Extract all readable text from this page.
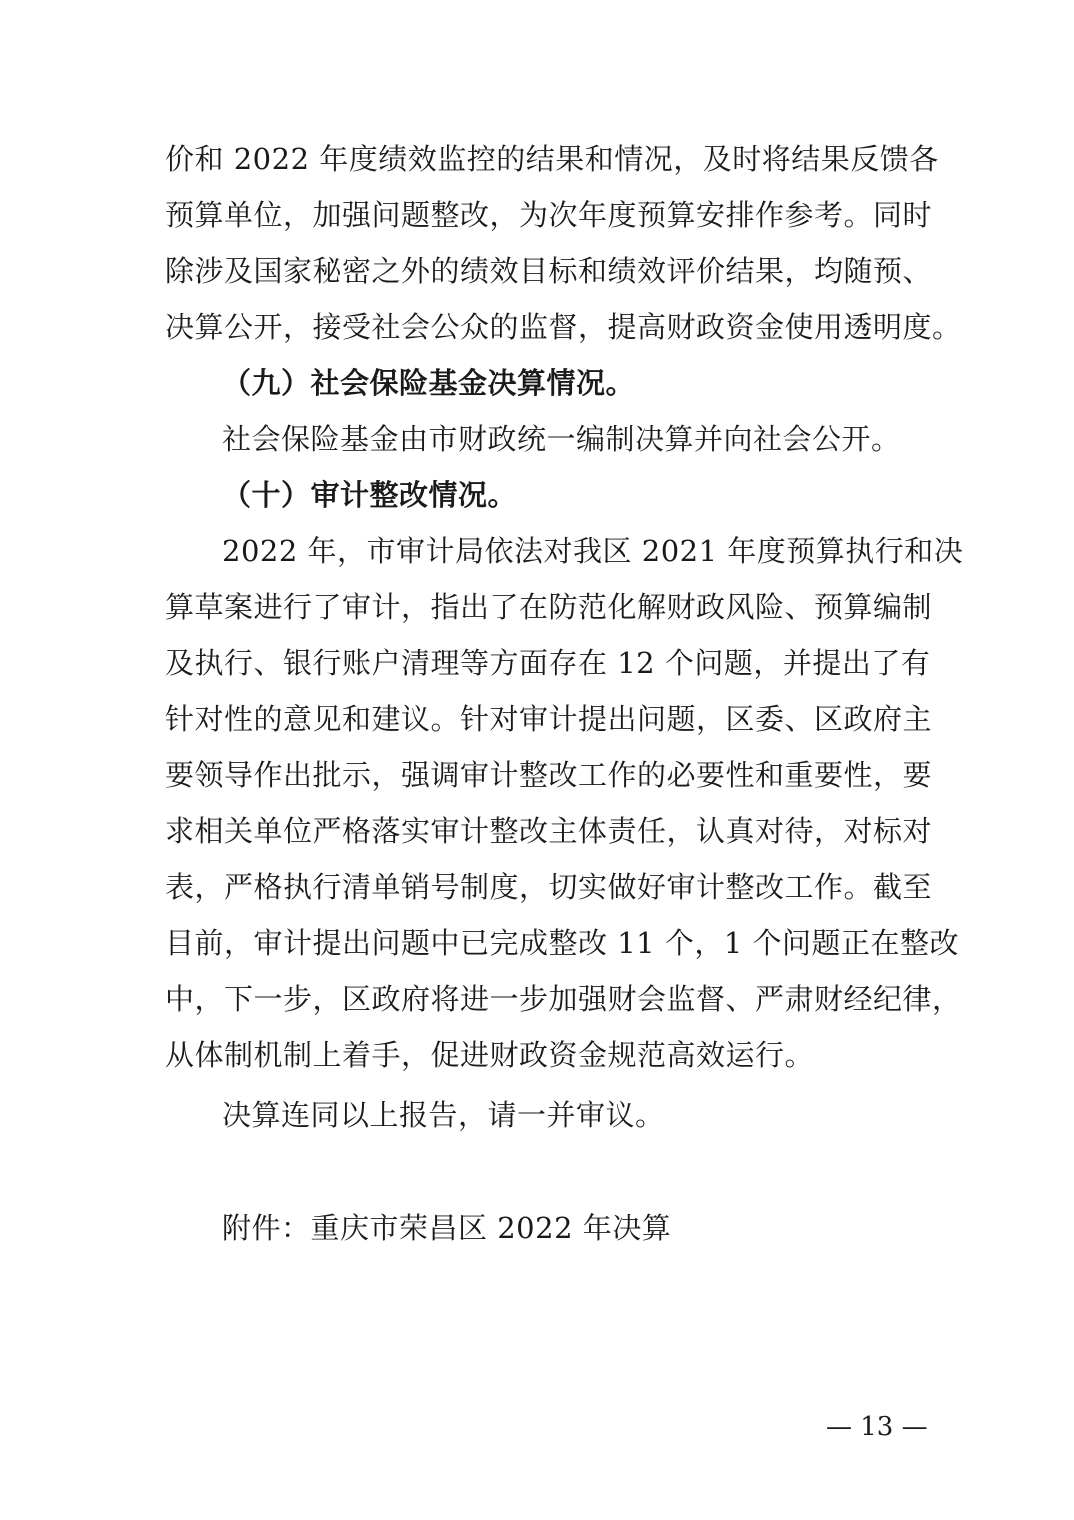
价和 2022 年度绩效监控的结果和情况，及时将结果反馈各
预算单位，加强问题整改，为次年度预算安排作参考。同时
除涉及国家秘密之外的绩效目标和绩效评价结果，均随预、
决算公开，接受社会公众的监督，提高财政资金使用透明度。
（九）社会保险基金决算情况。
社会保险基金由市财政统一编制决算并向社会公开。
（十）审计整改情况。
2022 年，市审计局依法对我区 2021 年度预算执行和决
算草案进行了审计，指出了在防范化解财政风险、预算编制
及执行、银行账户清理等方面存在 12 个问题，并提出了有
针对性的意见和建议。针对审计提出问题，区委、区政府主
要领导作出批示，强调审计整改工作的必要性和重要性，要
求相关单位严格落实审计整改主体责任，认真对待，对标对
表，严格执行清单销号制度，切实做好审计整改工作。截至
目前，审计提出问题中已完成整改 11 个，1 个问题正在整改
中，下一步，区政府将进一步加强财会监督、严肃财经纪律，
从体制机制上着手，促进财政资金规范高效运行。
决算连同以上报告，请一并审议。
附件：重庆市荣昌区 2022 年决算
— 13 —
